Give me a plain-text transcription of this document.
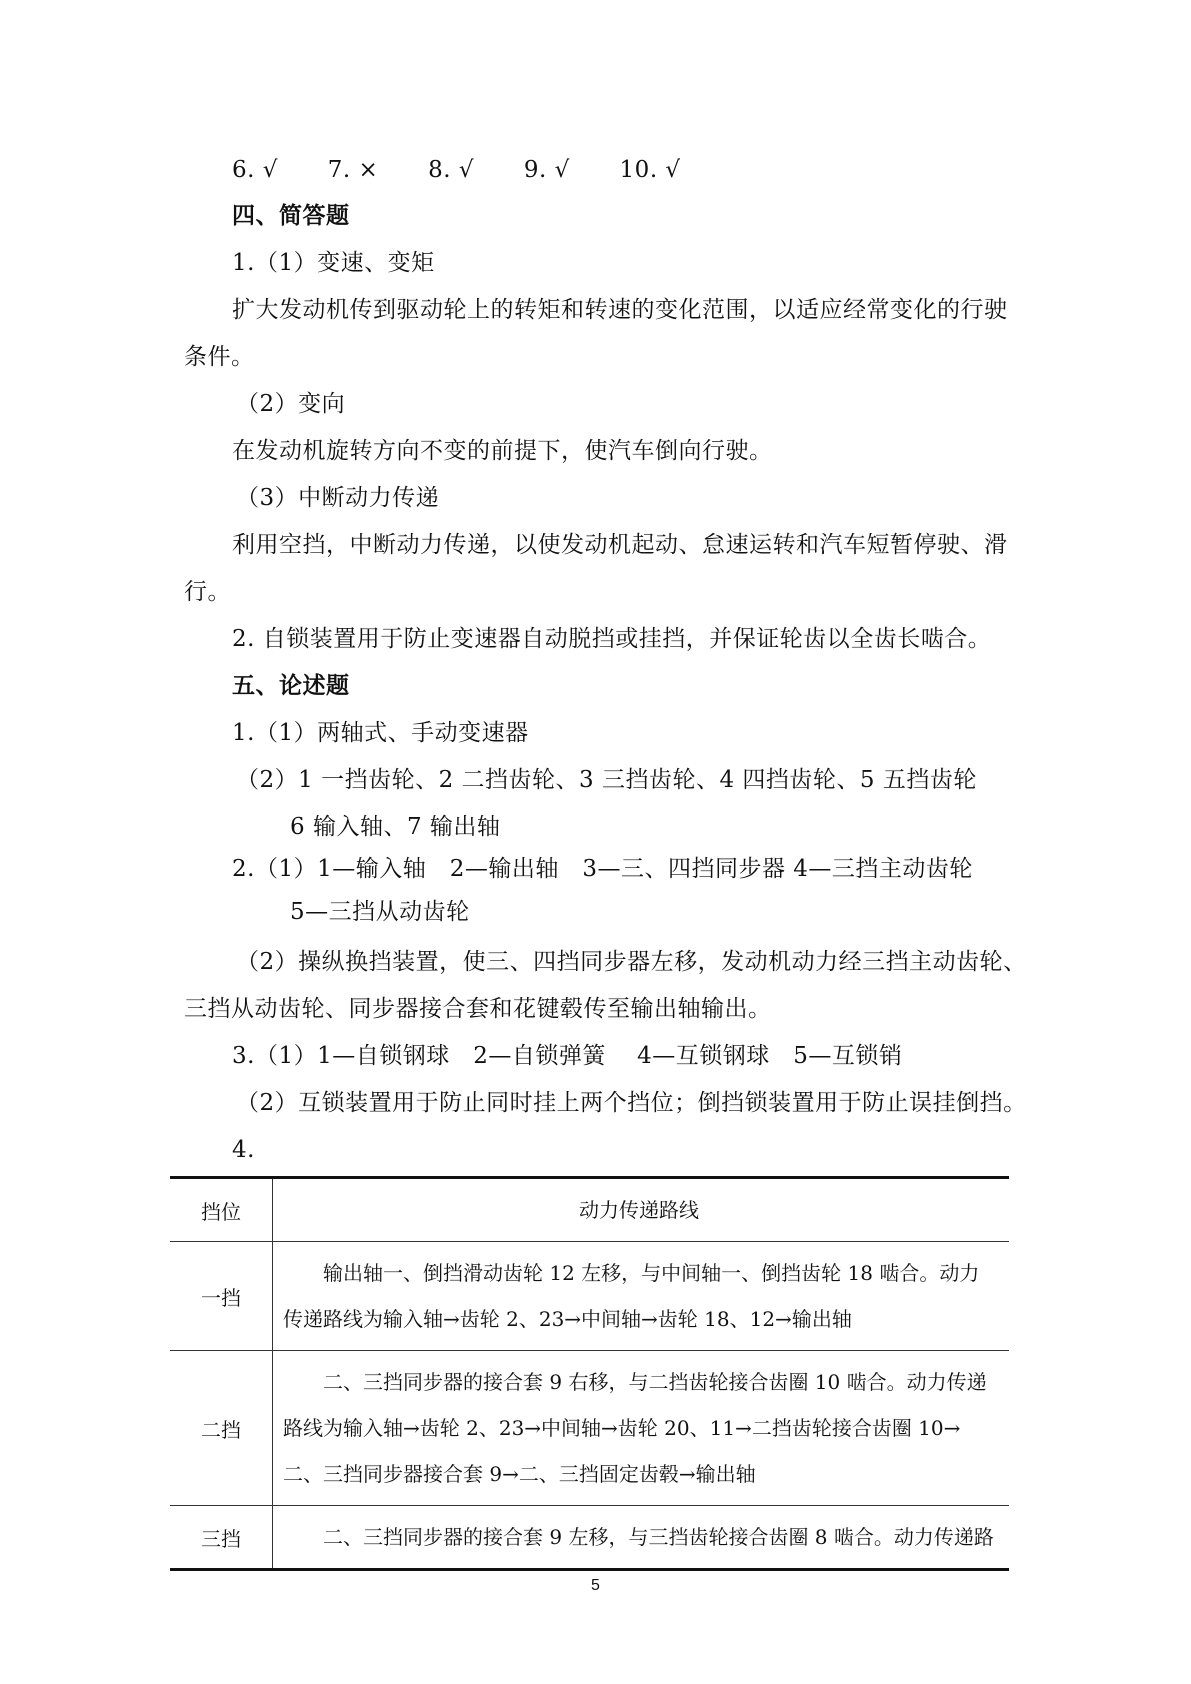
6. √ 7. × 8. √ 9. √ 10. √
四、简答题
1.（1）变速、变矩
扩大发动机传到驱动轮上的转矩和转速的变化范围，以适应经常变化的行驶
条件。
（2）变向
在发动机旋转方向不变的前提下，使汽车倒向行驶。
（3）中断动力传递
利用空挡，中断动力传递，以使发动机起动、怠速运转和汽车短暂停驶、滑
行。
2. 自锁装置用于防止变速器自动脱挡或挂挡，并保证轮齿以全齿长啮合。
五、论述题
1.（1）两轴式、手动变速器
（2）1 一挡齿轮、2 二挡齿轮、3 三挡齿轮、4 四挡齿轮、5 五挡齿轮
6 输入轴、7 输出轴
2.（1）1—输入轴　2—输出轴　3—三、四挡同步器 4—三挡主动齿轮
5—三挡从动齿轮
（2）操纵换挡装置，使三、四挡同步器左移，发动机动力经三挡主动齿轮、
三挡从动齿轮、同步器接合套和花键毂传至输出轴输出。
3.（1）1—自锁钢球　2—自锁弹簧　 4—互锁钢球　5—互锁销
（2）互锁装置用于防止同时挂上两个挡位；倒挡锁装置用于防止误挂倒挡。
4.
挡位	动力传递路线
一挡	输出轴一、倒挡滑动齿轮 12 左移，与中间轴一、倒挡齿轮 18 啮合。动力传递路线为输入轴→齿轮 2、23→中间轴→齿轮 18、12→输出轴
二挡	二、三挡同步器的接合套 9 右移，与二挡齿轮接合齿圈 10 啮合。动力传递路线为输入轴→齿轮 2、23→中间轴→齿轮 20、11→二挡齿轮接合齿圈 10→二、三挡同步器接合套 9→二、三挡固定齿毂→输出轴
三挡	二、三挡同步器的接合套 9 左移，与三挡齿轮接合齿圈 8 啮合。动力传递路
5
